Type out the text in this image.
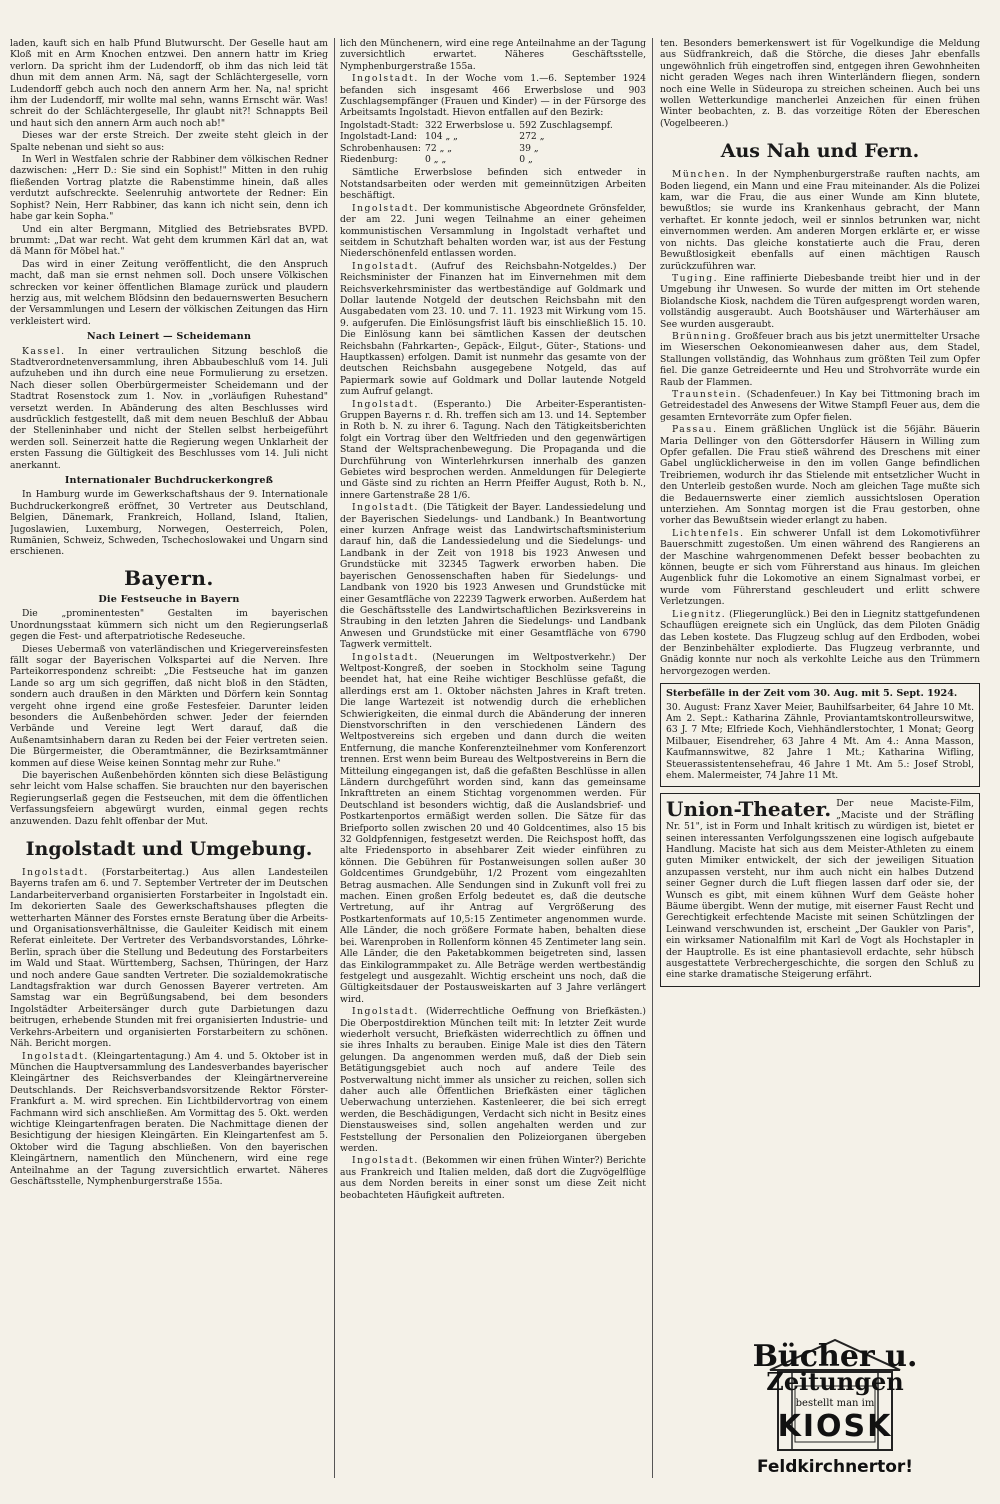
laden, kauft sich en halb Pfund Blutwurscht. Der Geselle haut am Kloß mit en Arm Knochen entzwei. Den annern hattr im Krieg verlorn. Da spricht ihm der Ludendorff, ob ihm das nich leid tät dhun mit dem annen Arm. Nä, sagt der Schlächtergeselle, vorn Ludendorff gebch auch noch den annern Arm her. Na, na! spricht ihm der Ludendorff, mir wollte mal sehn, wanns Ernscht wär. Was! schreit do der Schlächtergeselle, Ihr glaubt nit?! Schnappts Beil und haut sich den annern Arm auch noch ab!"

Dieses war der erste Streich. Der zweite steht gleich in der Spalte nebenan und sieht so aus:

In Werl in Westfalen schrie der Rabbiner dem völkischen Redner dazwischen: „Herr D.: Sie sind ein Sophist!" Mitten in den ruhig fließenden Vortrag platzte die Rabenstimme hinein, daß alles verdutzt aufschreckte. Seelenruhig antwortete der Redner: Ein Sophist? Nein, Herr Rabbiner, das kann ich nicht sein, denn ich habe gar kein Sopha."

Und ein alter Bergmann, Mitglied des Betriebsrates BVPD. brummt: „Dat war recht. Wat geht dem krummen Kärl dat an, wat dä Mann för Möbel hat."

Das wird in einer Zeitung veröffentlicht, die den Anspruch macht, daß man sie ernst nehmen soll. Doch unsere Völkischen schrecken vor keiner öffentlichen Blamage zurück und plaudern herzig aus, mit welchem Blödsinn den bedauernswerten Besuchern der Versammlungen und Lesern der völkischen Zeitungen das Hirn verkleistert wird.

Nach Leinert — Scheidemann

Kassel. In einer vertraulichen Sitzung beschloß die Stadtverordnetenversammlung, ihren Abbaubeschluß vom 14. Juli aufzuheben und ihn durch eine neue Formulierung zu ersetzen. Nach dieser sollen Oberbürgermeister Scheidemann und der Stadtrat Rosenstock zum 1. Nov. in „vorläufigen Ruhestand" versetzt werden. In Abänderung des alten Beschlusses wird ausdrücklich festgestellt, daß mit dem neuen Beschluß der Abbau der Stelleninhaber und nicht der Stellen selbst herbeigeführt werden soll. Seinerzeit hatte die Regierung wegen Unklarheit der ersten Fassung die Gültigkeit des Beschlusses vom 14. Juli nicht anerkannt.

Internationaler Buchdruckerkongreß

In Hamburg wurde im Gewerkschaftshaus der 9. Internationale Buchdruckerkongreß eröffnet, 30 Vertreter aus Deutschland, Belgien, Dänemark, Frankreich, Holland, Island, Italien, Jugoslawien, Luxemburg, Norwegen, Oesterreich, Polen, Rumänien, Schweiz, Schweden, Tschechoslowakei und Ungarn sind erschienen.

Bayern.
Die Festseuche in Bayern

Die „prominentesten" Gestalten im bayerischen Unordnungsstaat kümmern sich nicht um den Regierungserlaß gegen die Fest- und afterpatriotische Redeseuche.

Dieses Uebermaß von vaterländischen und Kriegervereinsfesten fällt sogar der Bayerischen Volkspartei auf die Nerven. Ihre Parteikorrespondenz schreibt: „Die Festseuche hat im ganzen Lande so arg um sich gegriffen, daß nicht bloß in den Städten, sondern auch draußen in den Märkten und Dörfern kein Sonntag vergeht ohne irgend eine große Festesfeier. Darunter leiden besonders die Außenbehörden schwer. Jeder der feiernden Verbände und Vereine legt Wert darauf, daß die Außenamtsinhabern daran zu Reden bei der Feier vertreten seien. Die Bürgermeister, die Oberamtmänner, die Bezirksamtmänner kommen auf diese Weise keinen Sonntag mehr zur Ruhe."

Die bayerischen Außenbehörden könnten sich diese Belästigung sehr leicht vom Halse schaffen. Sie brauchten nur den bayerischen Regierungserlaß gegen die Festseuchen, mit dem die öffentlichen Verfassungsfeiern abgewürgt wurden, einmal gegen rechts anzuwenden. Dazu fehlt offenbar der Mut.

Ingolstadt und Umgebung.

Ingolstadt. (Forstarbeitertag.) Aus allen Landesteilen Bayerns trafen am 6. und 7. September Vertreter der im Deutschen Landarbeiterverband organisierten Forstarbeiter in Ingolstadt ein. Im dekorierten Saale des Gewerkschaftshauses pflegten die wetterharten Männer des Forstes ernste Beratung über die Arbeits- und Organisationsverhältnisse, die Gauleiter Keidisch mit einem Referat einleitete. Der Vertreter des Verbandsvorstandes, Löhrke-Berlin, sprach über die Stellung und Bedeutung des Forstarbeiters im Wald und Staat. Württemberg, Sachsen, Thüringen, der Harz und noch andere Gaue sandten Vertreter. Die sozialdemokratische Landtagsfraktion war durch Genossen Bayerer vertreten. Am Samstag war ein Begrüßungsabend, bei dem besonders Ingolstädter Arbeitersänger durch gute Darbietungen dazu beitrugen, erhebende Stunden mit frei organisierten Industrie- und Verkehrs-Arbeitern und organisierten Forstarbeitern zu schönen. Näh. Bericht morgen.

Ingolstadt. (Kleingartentagung.) Am 4. und 5. Oktober ist in München die Hauptversammlung des Landesverbandes bayerischer Kleingärtner des Reichsverbandes der Kleingärtnervereine Deutschlands. Der Reichsverbandsvorsitzende Rektor Förster-Frankfurt a. M. wird sprechen. Ein Lichtbildervortrag von einem Fachmann wird sich anschließen. Am Vormittag des 5. Okt. werden wichtige Kleingartenfragen beraten. Die Nachmittage dienen der Besichtigung der hiesigen Kleingärten. Ein Kleingartenfest am 5. Oktober wird die Tagung abschließen. Von den bayerischen Kleingärtnern, namentlich den Münchenern, wird eine rege Anteilnahme an der Tagung zuversichtlich erwartet. Näheres Geschäftsstelle, Nymphenburgerstraße 155a.

lich den Münchenern, wird eine rege Anteilnahme an der Tagung zuversichtlich erwartet. Näheres Geschäftsstelle, Nymphenburgerstraße 155a.

Ingolstadt. In der Woche vom 1.—6. September 1924 befanden sich insgesamt 466 Erwerbslose und 903 Zuschlagsempfänger (Frauen und Kinder) — in der Fürsorge des Arbeitsamts Ingolstadt. Hievon entfallen auf den Bezirk:

Ingolstadt-Stadt:	322 Erwerbslose u.	592 Zuschlagsempf.
Ingolstadt-Land:	104 „ „	272 „
Schrobenhausen:	72 „ „	39 „
Riedenburg:	0 „ „	0 „

Sämtliche Erwerbslose befinden sich entweder in Notstandsarbeiten oder werden mit gemeinnützigen Arbeiten beschäftigt.

Ingolstadt. Der kommunistische Abgeordnete Grönsfelder, der am 22. Juni wegen Teilnahme an einer geheimen kommunistischen Versammlung in Ingolstadt verhaftet und seitdem in Schutzhaft behalten worden war, ist aus der Festung Niederschönenfeld entlassen worden.

Ingolstadt. (Aufruf des Reichsbahn-Notgeldes.) Der Reichsminister der Finanzen hat im Einvernehmen mit dem Reichsverkehrsminister das wertbeständige auf Goldmark und Dollar lautende Notgeld der deutschen Reichsbahn mit den Ausgabedaten vom 23. 10. und 7. 11. 1923 mit Wirkung vom 15. 9. aufgerufen. Die Einlösungsfrist läuft bis einschließlich 15. 10. Die Einlösung kann bei sämtlichen Kassen der deutschen Reichsbahn (Fahrkarten-, Gepäck-, Eilgut-, Güter-, Stations- und Hauptkassen) erfolgen. Damit ist nunmehr das gesamte von der deutschen Reichsbahn ausgegebene Notgeld, das auf Papiermark sowie auf Goldmark und Dollar lautende Notgeld zum Aufruf gelangt.

Ingolstadt. (Esperanto.) Die Arbeiter-Esperantisten-Gruppen Bayerns r. d. Rh. treffen sich am 13. und 14. September in Roth b. N. zu ihrer 6. Tagung. Nach den Tätigkeitsberichten folgt ein Vortrag über den Weltfrieden und den gegenwärtigen Stand der Weltsprachenbewegung. Die Propaganda und die Durchführung von Winterlehrkursen innerhalb des ganzen Gebietes wird besprochen werden. Anmeldungen für Delegierte und Gäste sind zu richten an Herrn Pfeiffer August, Roth b. N., innere Gartenstraße 28 1/6.

Ingolstadt. (Die Tätigkeit der Bayer. Landessiedelung und der Bayerischen Siedelungs- und Landbank.) In Beantwortung einer kurzen Anfrage weist das Landwirtschaftsministerium darauf hin, daß die Landessiedelung und die Siedelungs- und Landbank in der Zeit von 1918 bis 1923 Anwesen und Grundstücke mit 32345 Tagwerk erworben haben. Die bayerischen Genossenschaften haben für Siedelungs- und Landbank von 1920 bis 1923 Anwesen und Grundstücke mit einer Gesamtfläche von 22239 Tagwerk erworben. Außerdem hat die Geschäftsstelle des Landwirtschaftlichen Bezirksvereins in Straubing in den letzten Jahren die Siedelungs- und Landbank Anwesen und Grundstücke mit einer Gesamtfläche von 6790 Tagwerk vermittelt.

Ingolstadt. (Neuerungen im Weltpostverkehr.) Der Weltpost-Kongreß, der soeben in Stockholm seine Tagung beendet hat, hat eine Reihe wichtiger Beschlüsse gefaßt, die allerdings erst am 1. Oktober nächsten Jahres in Kraft treten. Die lange Wartezeit ist notwendig durch die erheblichen Schwierigkeiten, die einmal durch die Abänderung der inneren Dienstvorschriften in den verschiedenen Ländern des Weltpostvereins sich ergeben und dann durch die weiten Entfernung, die manche Konferenzteilnehmer vom Konferenzort trennen. Erst wenn beim Bureau des Weltpostvereins in Bern die Mitteilung eingegangen ist, daß die gefaßten Beschlüsse in allen Ländern durchgeführt worden sind, kann das gemeinsame Inkrafttreten an einem Stichtag vorgenommen werden. Für Deutschland ist besonders wichtig, daß die Auslandsbrief- und Postkartenportos ermäßigt werden sollen. Die Sätze für das Briefporto sollen zwischen 20 und 40 Goldcentimes, also 15 bis 32 Goldpfennigen, festgesetzt werden. Die Reichspost hofft, das alte Friedensporto in absehbarer Zeit wieder einführen zu können. Die Gebühren für Postanweisungen sollen außer 30 Goldcentimes Grundgebühr, 1/2 Prozent vom eingezahlten Betrag ausmachen. Alle Sendungen sind in Zukunft voll frei zu machen. Einen großen Erfolg bedeutet es, daß die deutsche Vertretung, auf ihr Antrag auf Vergrößerung des Postkartenformats auf 10,5:15 Zentimeter angenommen wurde. Alle Länder, die noch größere Formate haben, behalten diese bei. Warenproben in Rollenform können 45 Zentimeter lang sein. Alle Länder, die den Paketabkommen beigetreten sind, lassen das Einkilogrammpaket zu. Alle Beträge werden wertbeständig festgelegt und ausgezahlt. Wichtig erscheint uns noch, daß die Gültigkeitsdauer der Postausweiskarten auf 3 Jahre verlängert wird.

Ingolstadt. (Widerrechtliche Oeffnung von Briefkästen.) Die Oberpostdirektion München teilt mit: In letzter Zeit wurde wiederholt versucht, Briefkästen widerrechtlich zu öffnen und sie ihres Inhalts zu berauben. Einige Male ist dies den Tätern gelungen. Da angenommen werden muß, daß der Dieb sein Betätigungsgebiet auch noch auf andere Teile des Postverwaltung nicht immer als unsicher zu reichen, sollen sich daher auch alle Öffentlichen Briefkästen einer täglichen Ueberwachung unterziehen. Kastenleerer, die bei sich erregt werden, die Beschädigungen, Verdacht sich nicht in Besitz eines Dienstausweises sind, sollen angehalten werden und zur Feststellung der Personalien den Polizeiorganen übergeben werden.

Ingolstadt. (Bekommen wir einen frühen Winter?) Berichte aus Frankreich und Italien melden, daß dort die Zugvögelflüge aus dem Norden bereits in einer sonst um diese Zeit nicht beobachteten Häufigkeit auftreten.

ten. Besonders bemerkenswert ist für Vogelkundige die Meldung aus Südfrankreich, daß die Störche, die dieses Jahr ebenfalls ungewöhnlich früh eingetroffen sind, entgegen ihren Gewohnheiten nicht geraden Weges nach ihren Winterländern fliegen, sondern noch eine Welle in Südeuropa zu streichen scheinen. Auch bei uns wollen Wetterkundige mancherlei Anzeichen für einen frühen Winter beobachten, z. B. das vorzeitige Röten der Ebereschen (Vogelbeeren.)

Aus Nah und Fern.

München. In der Nymphenburgerstraße rauften nachts, am Boden liegend, ein Mann und eine Frau miteinander. Als die Polizei kam, war die Frau, die aus einer Wunde am Kinn blutete, bewußtlos; sie wurde ins Krankenhaus gebracht, der Mann verhaftet. Er konnte jedoch, weil er sinnlos betrunken war, nicht einvernommen werden. Am anderen Morgen erklärte er, er wisse von nichts. Das gleiche konstatierte auch die Frau, deren Bewußtlosigkeit ebenfalls auf einen mächtigen Rausch zurückzuführen war.

Tuging. Eine raffinierte Diebesbande treibt hier und in der Umgebung ihr Unwesen. So wurde der mitten im Ort stehende Biolandsche Kiosk, nachdem die Türen aufgesprengt worden waren, vollständig ausgeraubt. Auch Bootshäuser und Wärterhäuser am See wurden ausgeraubt.

Brünning. Großfeuer brach aus bis jetzt unermittelter Ursache im Wieserschen Oekonomieanwesen daher aus, dem Stadel, Stallungen vollständig, das Wohnhaus zum größten Teil zum Opfer fiel. Die ganze Getreideernte und Heu und Strohvorräte wurde ein Raub der Flammen.

Traunstein. (Schadenfeuer.) In Kay bei Tittmoning brach im Getreidestadel des Anwesens der Witwe Stampfl Feuer aus, dem die gesamten Erntevorräte zum Opfer fielen.

Passau. Einem gräßlichen Unglück ist die 56jähr. Bäuerin Maria Dellinger von den Göttersdorfer Häusern in Willing zum Opfer gefallen. Die Frau stieß während des Dreschens mit einer Gabel unglücklicherweise in den im vollen Gange befindlichen Treibriemen, wodurch ihr das Stielende mit entsetzlicher Wucht in den Unterleib gestoßen wurde. Noch am gleichen Tage mußte sich die Bedauernswerte einer ziemlich aussichtslosen Operation unterziehen. Am Sonntag morgen ist die Frau gestorben, ohne vorher das Bewußtsein wieder erlangt zu haben.

Lichtenfels. Ein schwerer Unfall ist dem Lokomotivführer Bauerschmitt zugestoßen. Um einen während des Rangierens an der Maschine wahrgenommenen Defekt besser beobachten zu können, beugte er sich vom Führerstand aus hinaus. Im gleichen Augenblick fuhr die Lokomotive an einem Signalmast vorbei, er wurde vom Führerstand geschleudert und erlitt schwere Verletzungen.

Liegnitz. (Fliegerunglück.) Bei den in Liegnitz stattgefundenen Schauflügen ereignete sich ein Unglück, das dem Piloten Gnädig das Leben kostete. Das Flugzeug schlug auf den Erdboden, wobei der Benzinbehälter explodierte. Das Flugzeug verbrannte, und Gnädig konnte nur noch als verkohlte Leiche aus den Trümmern hervorgezogen werden.

Sterbefälle in der Zeit vom 30. Aug. mit 5. Sept. 1924.

30. August: Franz Xaver Meier, Bauhilfsarbeiter, 64 Jahre 10 Mt. Am 2. Sept.: Katharina Zähnle, Proviantamtskontrolleurswitwe, 63 J. 7 Mte; Elfriede Koch, Viehhändlerstochter, 1 Monat; Georg Milbauer, Eisendreher, 63 Jahre 4 Mt. Am 4.: Anna Masson, Kaufmannswitwe, 82 Jahre 1 Mt.; Katharina Wifling, Steuerassistentensehefrau, 46 Jahre 1 Mt. Am 5.: Josef Strobl, ehem. Malermeister, 74 Jahre 11 Mt.

Union-Theater. Der neue Maciste-Film, „Maciste und der Sträfling Nr. 51", ist in Form und Inhalt kritisch zu würdigen ist, bietet er seinen interessanten Verfolgungsszenen eine logisch aufgebaute Handlung. Maciste hat sich aus dem Meister-Athleten zu einem guten Mimiker entwickelt, der sich der jeweiligen Situation anzupassen versteht, nur ihm auch nicht ein halbes Dutzend seiner Gegner durch die Luft fliegen lassen darf oder sie, der Wunsch es gibt, mit einem kühnen Wurf dem Geäste hoher Bäume übergibt. Wenn der mutige, mit eiserner Faust Recht und Gerechtigkeit erfechtende Maciste mit seinen Schützlingen der Leinwand verschwunden ist, erscheint „Der Gaukler von Paris", ein wirksamer Nationalfilm mit Karl de Vogt als Hochstapler in der Hauptrolle. Es ist eine phantasievoll erdachte, sehr hübsch ausgestattete Verbrechergeschichte, die sorgen den Schluß zu eine starke dramatische Steigerung erfährt.

Bücher u.
Zeitungen
bestellt man im
KIOSK
Feldkirchnertor!
